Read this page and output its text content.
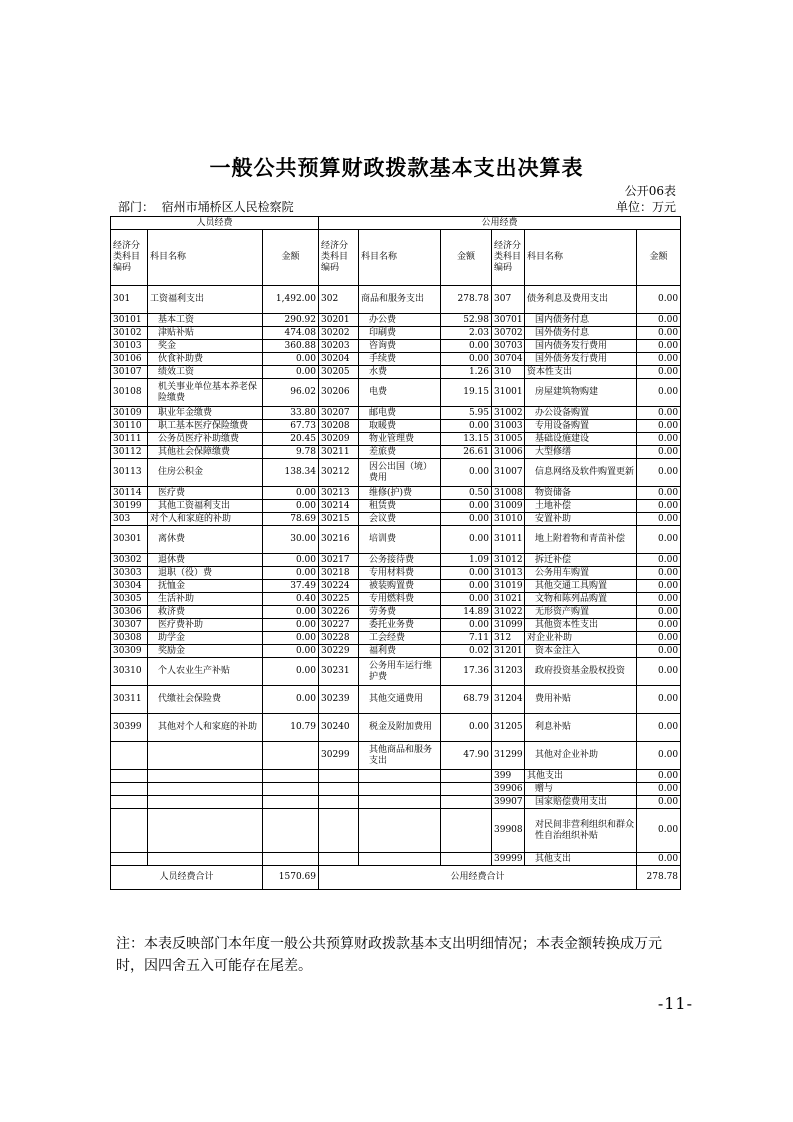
一般公共预算财政拨款基本支出决算表
公开06表
部门： 宿州市埇桥区人民检察院	单位：万元
人员经费			公用经费					
经济分类科目编码	科目名称	金额	经济分类科目编码	科目名称	金额	经济分类科目编码	科目名称	金额
301	工资福利支出	1,492.00	302	商品和服务支出	278.78	307	债务利息及费用支出	0.00
30101	基本工资	290.92	30201	办公费	52.98	30701	国内债务付息	0.00
30102	津贴补贴	474.08	30202	印刷费	2.03	30702	国外债务付息	0.00
30103	奖金	360.88	30203	咨询费	0.00	30703	国内债务发行费用	0.00
30106	伙食补助费	0.00	30204	手续费	0.00	30704	国外债务发行费用	0.00
30107	绩效工资	0.00	30205	水费	1.26	310	资本性支出	0.00
30108	机关事业单位基本养老保险缴费	96.02	30206	电费	19.15	31001	房屋建筑物购建	0.00
30109	职业年金缴费	33.80	30207	邮电费	5.95	31002	办公设备购置	0.00
30110	职工基本医疗保险缴费	67.73	30208	取暖费	0.00	31003	专用设备购置	0.00
30111	公务员医疗补助缴费	20.45	30209	物业管理费	13.15	31005	基础设施建设	0.00
30112	其他社会保障缴费	9.78	30211	差旅费	26.61	31006	大型修缮	0.00
30113	住房公积金	138.34	30212	因公出国（境）费用	0.00	31007	信息网络及软件购置更新	0.00
30114	医疗费	0.00	30213	维修(护)费	0.50	31008	物资储备	0.00
30199	其他工资福利支出	0.00	30214	租赁费	0.00	31009	土地补偿	0.00
303	对个人和家庭的补助	78.69	30215	会议费	0.00	31010	安置补助	0.00
30301	离休费	30.00	30216	培训费	0.00	31011	地上附着物和青苗补偿	0.00
30302	退休费	0.00	30217	公务接待费	1.09	31012	拆迁补偿	0.00
30303	退职（役）费	0.00	30218	专用材料费	0.00	31013	公务用车购置	0.00
30304	抚恤金	37.49	30224	被装购置费	0.00	31019	其他交通工具购置	0.00
30305	生活补助	0.40	30225	专用燃料费	0.00	31021	文物和陈列品购置	0.00
30306	救济费	0.00	30226	劳务费	14.89	31022	无形资产购置	0.00
30307	医疗费补助	0.00	30227	委托业务费	0.00	31099	其他资本性支出	0.00
30308	助学金	0.00	30228	工会经费	7.11	312	对企业补助	0.00
30309	奖励金	0.00	30229	福利费	0.02	31201	资本金注入	0.00
30310	个人农业生产补贴	0.00	30231	公务用车运行维护费	17.36	31203	政府投资基金股权投资	0.00
30311	代缴社会保险费	0.00	30239	其他交通费用	68.79	31204	费用补贴	0.00
30399	其他对个人和家庭的补助	10.79	30240	税金及附加费用	0.00	31205	利息补贴	0.00
			30299	其他商品和服务支出	47.90	31299	其他对企业补助	0.00
						399	其他支出	0.00
						39906	赠与	0.00
						39907	国家赔偿费用支出	0.00
						39908	对民间非营利组织和群众性自治组织补贴	0.00
						39999	其他支出	0.00
人员经费合计		1570.69	公用经费合计					278.78
注：本表反映部门本年度一般公共预算财政拨款基本支出明细情况；本表金额转换成万元时，因四舍五入可能存在尾差。
-11-
